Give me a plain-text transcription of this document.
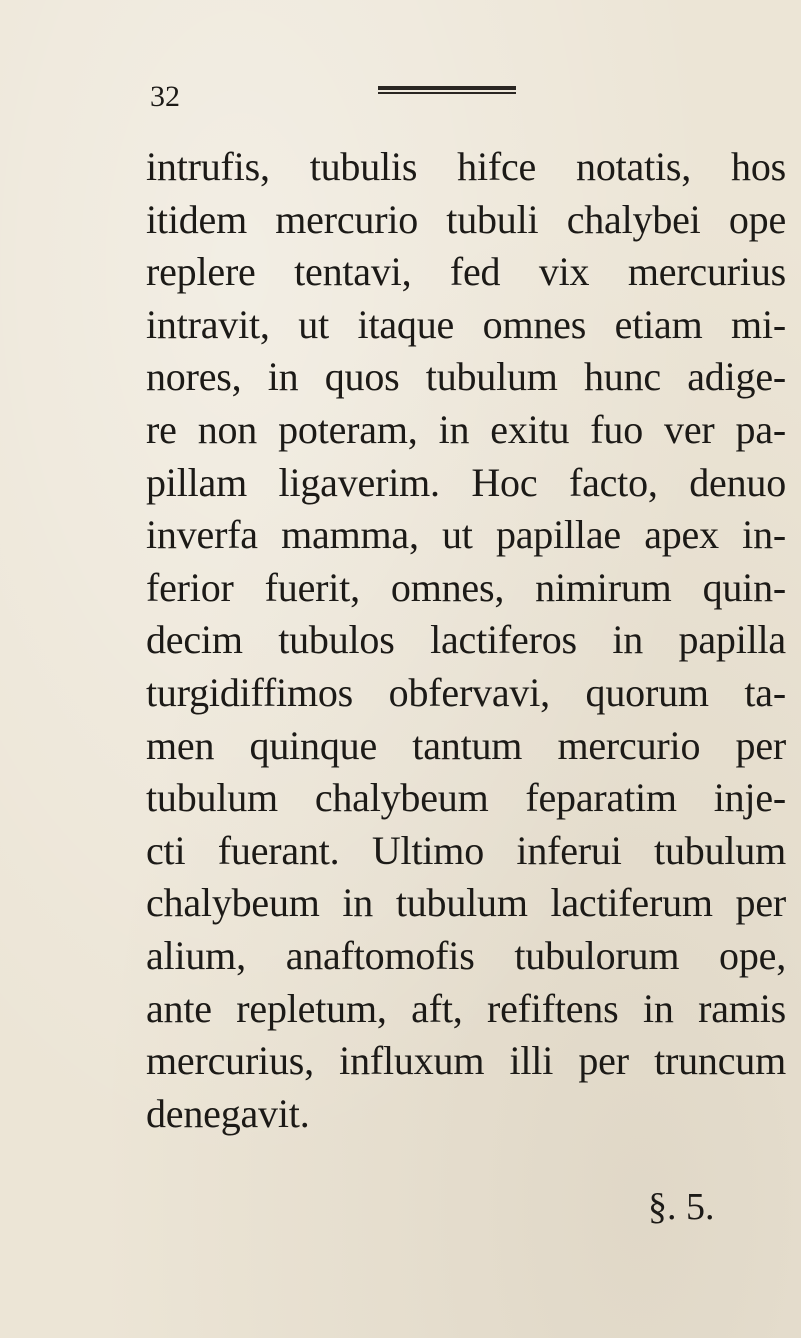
32
intrufis, tubulis hifce notatis, hos
itidem mercurio tubuli chalybei ope
replere tentavi, fed vix mercurius
intravit, ut itaque omnes etiam mi-
nores, in quos tubulum hunc adige-
re non poteram, in exitu fuo ver pa-
pillam ligaverim. Hoc facto, denuo
inverfa mamma, ut papillae apex in-
ferior fuerit, omnes, nimirum quin-
decim tubulos lactiferos in papilla
turgidiffimos obfervavi, quorum ta-
men quinque tantum mercurio per
tubulum chalybeum feparatim inje-
cti fuerant. Ultimo inferui tubulum
chalybeum in tubulum lactiferum per
alium, anaftomofis tubulorum ope,
ante repletum, aft, refiftens in ramis
mercurius, influxum illi per truncum
denegavit.
§. 5.
